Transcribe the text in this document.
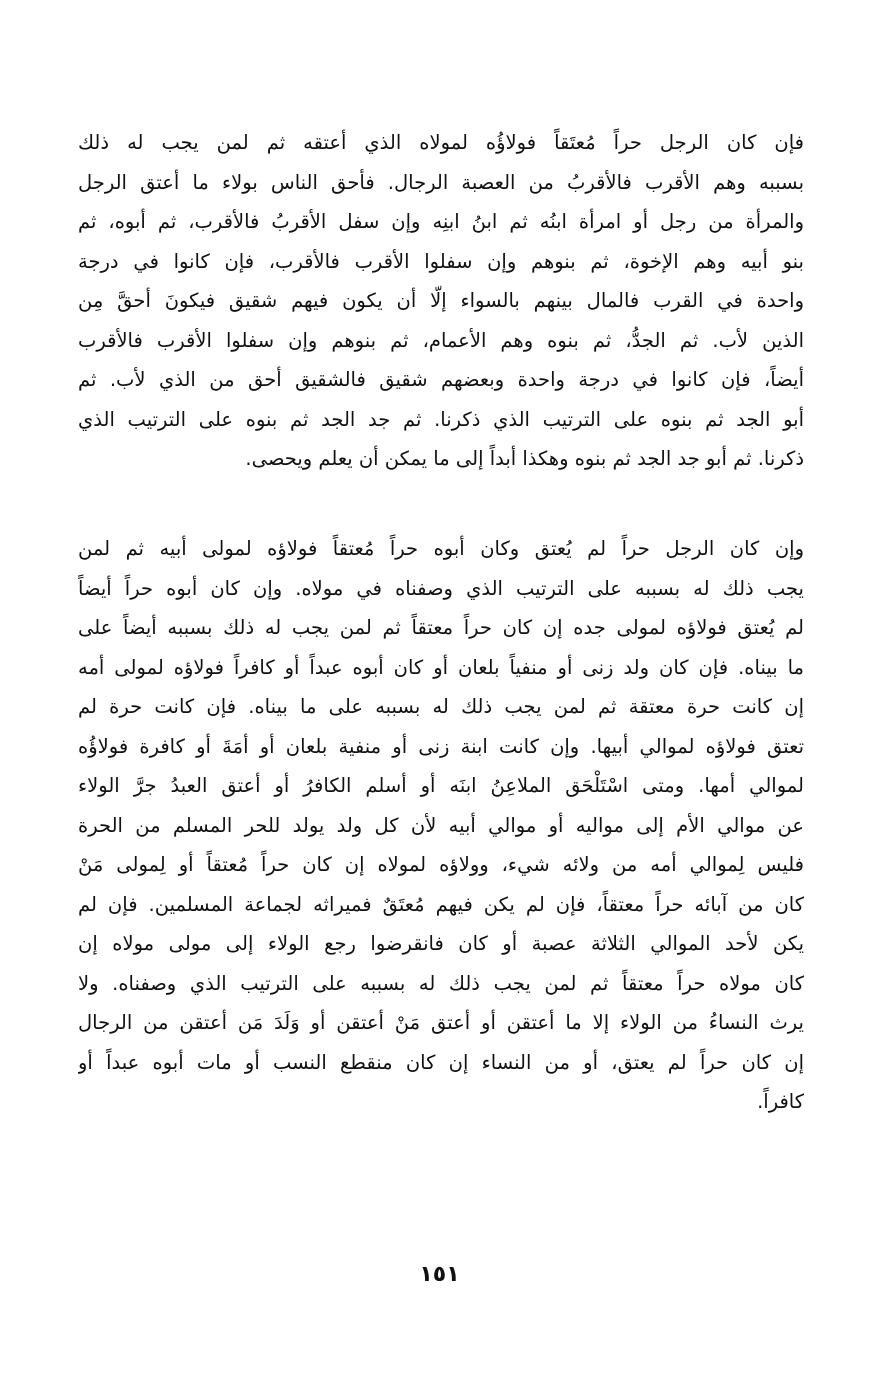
فإن كان الرجل حراً مُعتَقاً فولاؤُه لمولاه الذي أعتقه ثم لمن يجب له ذلك
بسببه وهم الأقرب فالأقربُ من العصبة الرجال. فأحق الناس بولاء ما أعتق الرجل
والمرأة من رجل أو امرأة ابنُه ثم ابنُ ابنِه وإن سفل الأقربُ فالأقرب، ثم أبوه، ثم
بنو أبيه وهم الإخوة، ثم بنوهم وإن سفلوا الأقرب فالأقرب، فإن كانوا في درجة
واحدة في القرب فالمال بينهم بالسواء إلّا أن يكون فيهم شقيق فيكونَ أحقَّ مِن
الذين لأب. ثم الجدُّ، ثم بنوه وهم الأعمام، ثم بنوهم وإن سفلوا الأقرب فالأقرب
أيضاً، فإن كانوا في درجة واحدة وبعضهم شقيق فالشقيق أحق من الذي لأب. ثم
أبو الجد ثم بنوه على الترتيب الذي ذكرنا. ثم جد الجد ثم بنوه على الترتيب الذي
ذكرنا. ثم أبو جد الجد ثم بنوه وهكذا أبداً إلى ما يمكن أن يعلم ويحصى.
وإن كان الرجل حراً لم يُعتق وكان أبوه حراً مُعتقاً فولاؤه لمولى أبيه ثم لمن
يجب ذلك له بسببه على الترتيب الذي وصفناه في مولاه. وإن كان أبوه حراً أيضاً
لم يُعتق فولاؤه لمولى جده إن كان حراً معتقاً ثم لمن يجب له ذلك بسببه أيضاً على
ما بيناه. فإن كان ولد زنى أو منفياً بلعان أو كان أبوه عبداً أو كافراً فولاؤه لمولى أمه
إن كانت حرة معتقة ثم لمن يجب ذلك له بسببه على ما بيناه. فإن كانت حرة لم
تعتق فولاؤه لموالي أبيها. وإن كانت ابنة زنى أو منفية بلعان أو أمَةَ أو كافرة فولاؤُه
لموالي أمها. ومتى اسْتَلْحَق الملاعِنُ ابنَه أو أسلم الكافرُ أو أعتق العبدُ جرَّ الولاء
عن موالي الأم إلى مواليه أو موالي أبيه لأن كل ولد يولد للحر المسلم من الحرة
فليس لِموالي أمه من ولائه شيء، وولاؤه لمولاه إن كان حراً مُعتقاً أو لِمولى مَنْ
كان من آبائه حراً معتقاً، فإن لم يكن فيهم مُعتَقٌ فميراثه لجماعة المسلمين. فإن لم
يكن لأحد الموالي الثلاثة عصبة أو كان فانقرضوا رجع الولاء إلى مولى مولاه إن
كان مولاه حراً معتقاً ثم لمن يجب ذلك له بسببه على الترتيب الذي وصفناه. ولا
يرث النساءُ من الولاء إلا ما أعتقن أو أعتق مَنْ أعتقن أو وَلَدَ مَن أعتقن من الرجال
إن كان حراً لم يعتق، أو من النساء إن كان منقطع النسب أو مات أبوه عبداً أو
كافراً.
١٥١
